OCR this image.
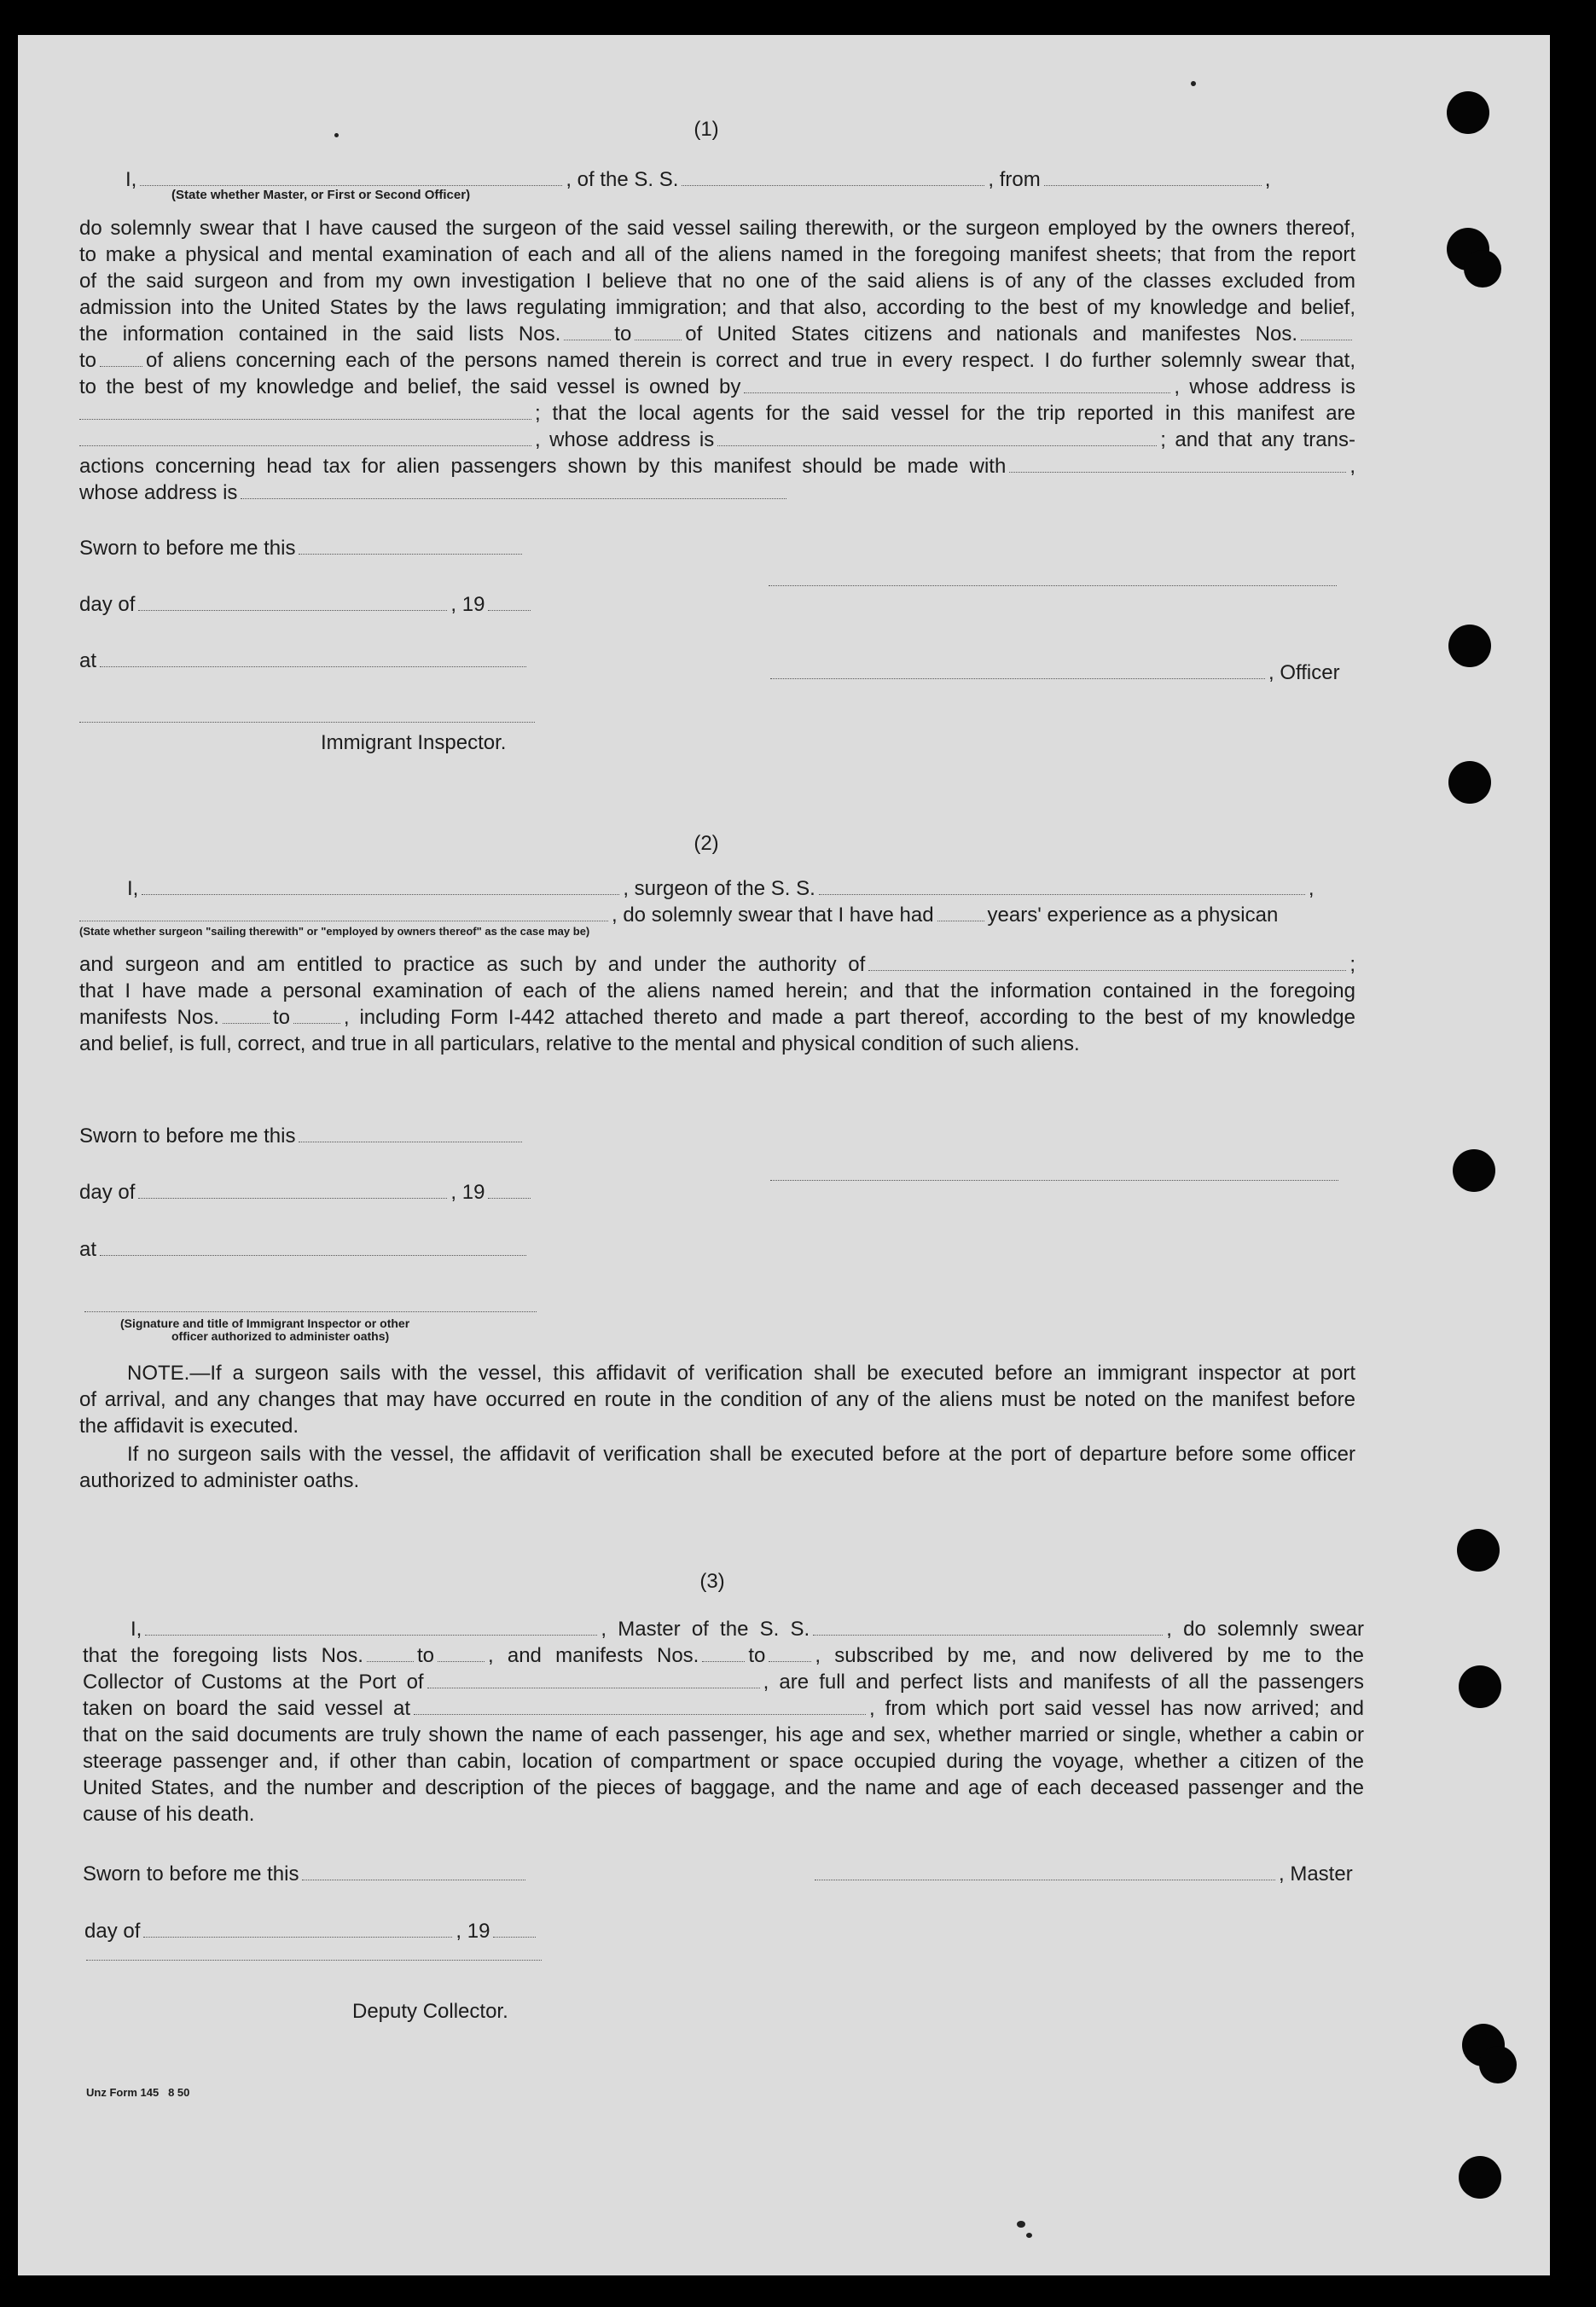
(1)
I,	, of the S. S.	, from	,
(State whether Master, or First or Second Officer)
do solemnly swear that I have caused the surgeon of the said vessel sailing therewith, or the surgeon employed by the owners thereof,
to make a physical and mental examination of each and all of the aliens named in the foregoing manifest sheets; that from the report
of the said surgeon and from my own investigation I believe that no one of the said aliens is of any of the classes excluded from
admission into the United States by the laws regulating immigration; and that also, according to the best of my knowledge and belief,
the information contained in the said lists Nos.	to	of United States citizens and nationals and manifestes Nos.
to of aliens concerning each of the persons named therein is correct and true in every respect. I do further solemnly swear that,
to the best of my knowledge and belief, the said vessel is owned by	, whose address is
; that the local agents for the said vessel for the trip reported in this manifest are
, whose address is	; and that any trans-
actions concerning head tax for alien passengers shown by this manifest should be made with	,
whose address is
Sworn to before me this
day of	, 19
at
, Officer
Immigrant Inspector.
(2)
I,	, surgeon of the S. S.	,
, do solemnly swear that I have had	years' experience as a physican
(State whether surgeon "sailing therewith" or "employed by owners thereof" as the case may be)
and surgeon and am entitled to practice as such by and under the authority of	;
that I have made a personal examination of each of the aliens named herein; and that the information contained in the foregoing
manifests Nos.	to	, including Form I-442 attached thereto and made a part thereof, according to the best of my knowledge
and belief, is full, correct, and true in all particulars, relative to the mental and physical condition of such aliens.
Sworn to before me this
day of	, 19
at
(Signature and title of Immigrant Inspector or other
officer authorized to administer oaths)
NOTE.—If a surgeon sails with the vessel, this affidavit of verification shall be executed before an immigrant inspector at port
of arrival, and any changes that may have occurred en route in the condition of any of the aliens must be noted on the manifest before
the affidavit is executed.
If no surgeon sails with the vessel, the affidavit of verification shall be executed before at the port of departure before some officer
authorized to administer oaths.
(3)
I,	, Master of the S. S.	, do solemnly swear
that the foregoing lists Nos.	to	, and manifests Nos. to , subscribed by me, and now delivered by me to the
Collector of Customs at the Port of	, are full and perfect lists and manifests of all the passengers
taken on board the said vessel at	, from which port said vessel has now arrived; and
that on the said documents are truly shown the name of each passenger, his age and sex, whether married or single, whether a cabin or
steerage passenger and, if other than cabin, location of compartment or space occupied during the voyage, whether a citizen of the
United States, and the number and description of the pieces of baggage, and the name and age of each deceased passenger and the
cause of his death.
Sworn to before me this	, Master
day of	, 19
Deputy Collector.
Unz Form 145 8 50
